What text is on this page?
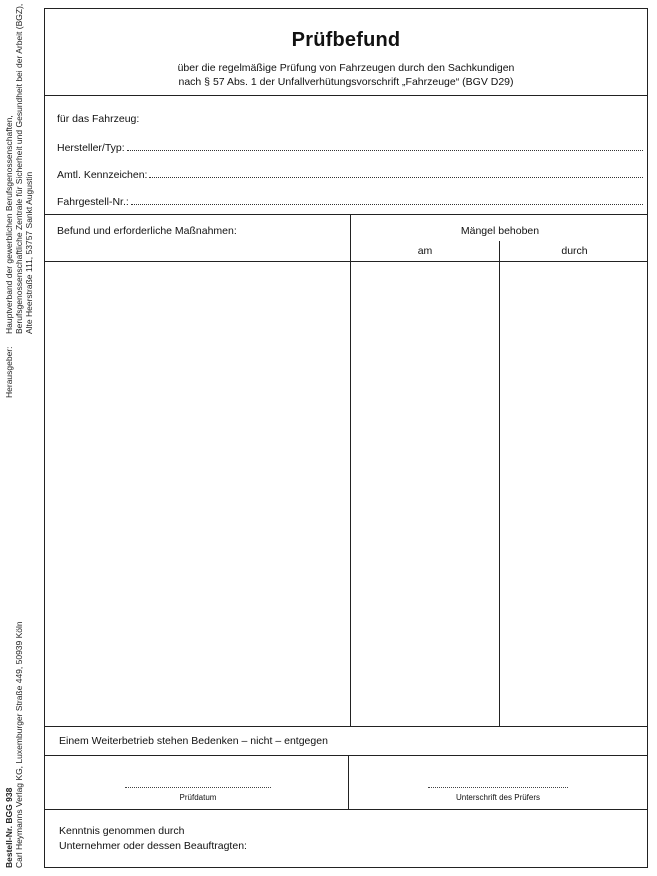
Herausgeber:
Hauptverband der gewerblichen Berufsgenossenschaften, Berufsgenossenschaftliche Zentrale für Sicherheit und Gesundheit bei der Arbeit (BGZ), Alte Heerstraße 111, 53757 Sankt Augustin
Bestell-Nr. BGG 938 Carl Heymanns Verlag KG, Luxemburger Straße 449, 50939 Köln
Prüfbefund
über die regelmäßige Prüfung von Fahrzeugen durch den Sachkundigen
nach § 57 Abs. 1 der Unfallverhütungsvorschrift „Fahrzeuge“ (BGV D29)
für das Fahrzeug:
Hersteller/Typ:
Amtl. Kennzeichen:
Fahrgestell-Nr.:
Befund und erforderliche Maßnahmen:	Mängel behoben
am	durch
Einem Weiterbetrieb stehen Bedenken – nicht – entgegen
Prüfdatum	Unterschrift des Prüfers
Kenntnis genommen durch
Unternehmer oder dessen Beauftragten:
